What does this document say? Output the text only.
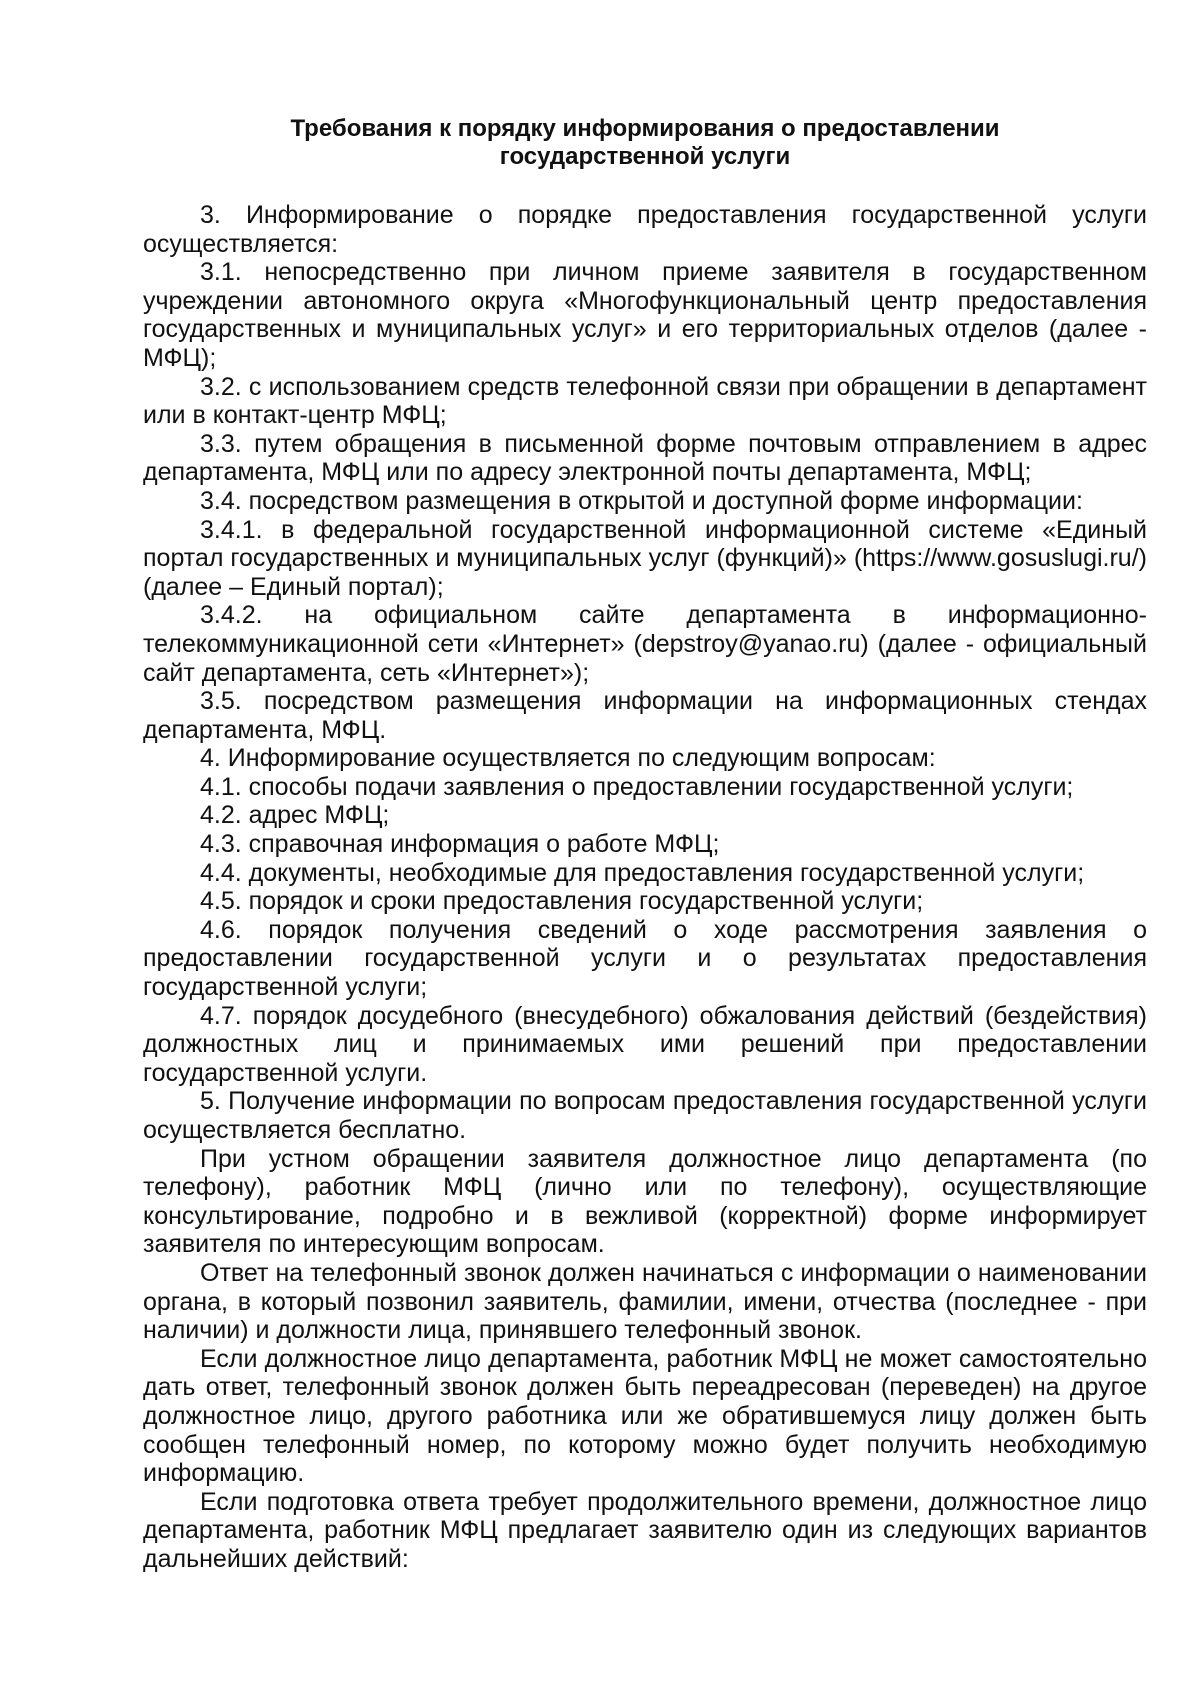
Требования к порядку информирования о предоставлении
государственной услуги

3. Информирование о порядке предоставления государственной услуги осуществляется:

3.1. непосредственно при личном приеме заявителя в государственном учреждении автономного округа «Многофункциональный центр предоставления государственных и муниципальных услуг» и его территориальных отделов (далее - МФЦ);

3.2. с использованием средств телефонной связи при обращении в департамент или в контакт-центр МФЦ;

3.3. путем обращения в письменной форме почтовым отправлением в адрес департамента, МФЦ или по адресу электронной почты департамента, МФЦ;

3.4. посредством размещения в открытой и доступной форме информации:

3.4.1. в федеральной государственной информационной системе «Единый портал государственных и муниципальных услуг (функций)» (https://www.gosuslugi.ru/) (далее – Единый портал);

3.4.2. на официальном сайте департамента в информационно-телекоммуникационной сети «Интернет» (depstroy@yanao.ru) (далее - официальный сайт департамента, сеть «Интернет»);

3.5. посредством размещения информации на информационных стендах департамента, МФЦ.

4. Информирование осуществляется по следующим вопросам:

4.1. способы подачи заявления о предоставлении государственной услуги;

4.2. адрес МФЦ;

4.3. справочная информация о работе МФЦ;

4.4. документы, необходимые для предоставления государственной услуги;

4.5. порядок и сроки предоставления государственной услуги;

4.6. порядок получения сведений о ходе рассмотрения заявления о предоставлении государственной услуги и о результатах предоставления государственной услуги;

4.7. порядок досудебного (внесудебного) обжалования действий (бездействия) должностных лиц и принимаемых ими решений при предоставлении государственной услуги.

5. Получение информации по вопросам предоставления государственной услуги осуществляется бесплатно.

При устном обращении заявителя должностное лицо департамента (по телефону), работник МФЦ (лично или по телефону), осуществляющие консультирование, подробно и в вежливой (корректной) форме информирует заявителя по интересующим вопросам.

Ответ на телефонный звонок должен начинаться с информации о наименовании органа, в который позвонил заявитель, фамилии, имени, отчества (последнее - при наличии) и должности лица, принявшего телефонный звонок.

Если должностное лицо департамента, работник МФЦ не может самостоятельно дать ответ, телефонный звонок должен быть переадресован (переведен) на другое должностное лицо, другого работника или же обратившемуся лицу должен быть сообщен телефонный номер, по которому можно будет получить необходимую информацию.

Если подготовка ответа требует продолжительного времени, должностное лицо департамента, работник МФЦ предлагает заявителю один из следующих вариантов дальнейших действий:
